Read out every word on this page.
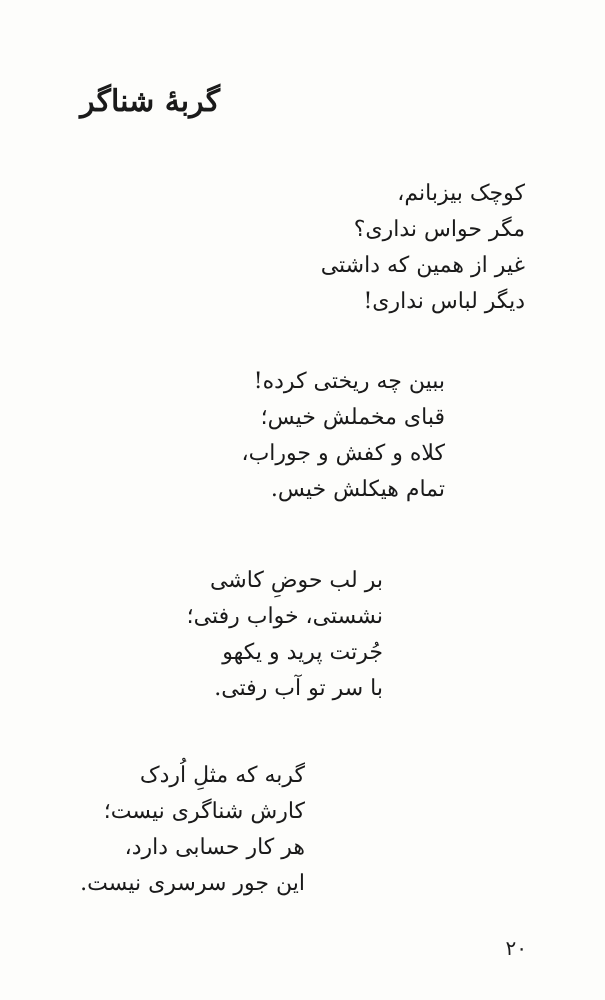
گربهٔ شناگر
کوچک بیزبانم،
مگر حواس نداری؟
غیر از همین که داشتی
دیگر لباس نداری!
ببین چه ریختی کرده!
قبای مخملش خیس؛
کلاه و کفش و جوراب،
تمام هیکلش خیس.
بر لب حوضِ کاشی
نشستی، خواب رفتی؛
جُرتت پرید و یکهو
با سر تو آب رفتی.
گربه که مثلِ اُردک
کارش شناگری نیست؛
هر کار حسابی دارد،
این جور سرسری نیست.
۲۰
